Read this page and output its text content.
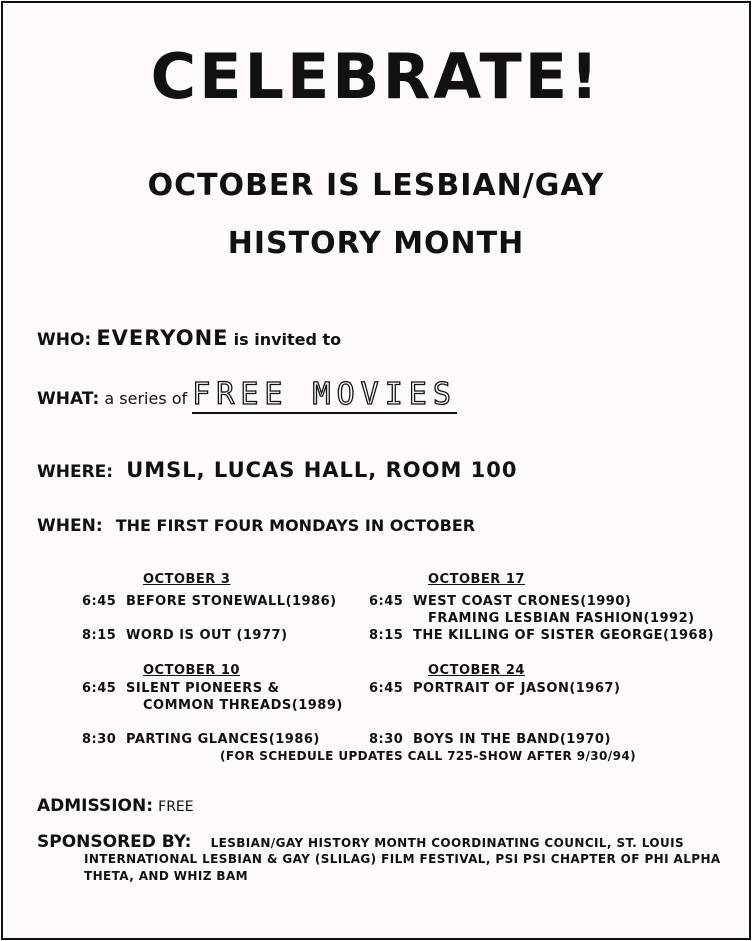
CELEBRATE!
OCTOBER IS LESBIAN/GAY
HISTORY MONTH
WHO: EVERYONE is invited to
WHAT: a series of FREE MOVIES
WHERE: UMSL, LUCAS HALL, ROOM 100
WHEN: THE FIRST FOUR MONDAYS IN OCTOBER
OCTOBER 3
6:45 BEFORE STONEWALL(1986)
8:15 WORD IS OUT (1977)
OCTOBER 10
6:45 SILENT PIONEERS &
COMMON THREADS(1989)
8:30 PARTING GLANCES(1986)
OCTOBER 17
6:45 WEST COAST CRONES(1990)
FRAMING LESBIAN FASHION(1992)
8:15 THE KILLING OF SISTER GEORGE(1968)
OCTOBER 24
6:45 PORTRAIT OF JASON(1967)
8:30 BOYS IN THE BAND(1970)
(FOR SCHEDULE UPDATES CALL 725-SHOW AFTER 9/30/94)
ADMISSION: FREE
SPONSORED BY: LESBIAN/GAY HISTORY MONTH COORDINATING COUNCIL, ST. LOUIS
INTERNATIONAL LESBIAN & GAY (SLILAG) FILM FESTIVAL, PSI PSI CHAPTER OF PHI ALPHA
THETA, AND WHIZ BAM
